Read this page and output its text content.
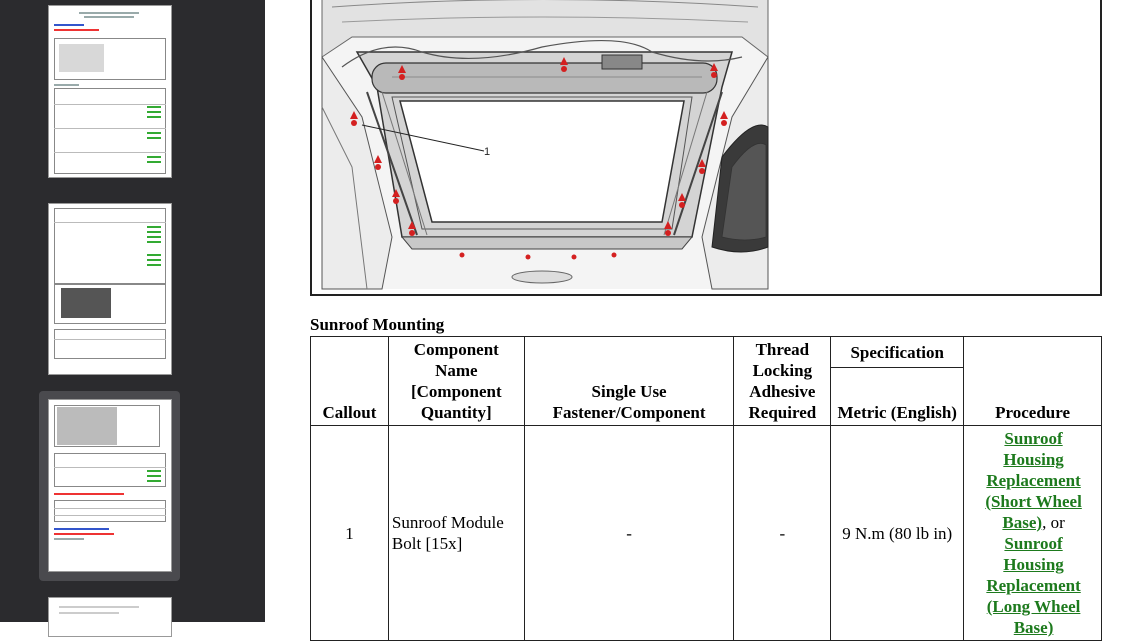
1
Sunroof Mounting
Callout	Component Name [Component Quantity]	Single Use Fastener/Component	Thread Locking Adhesive Required	Specification	Procedure
				Metric (English)	
1	Sunroof Module Bolt [15x]	-	-	9 N.m (80 lb in)	Sunroof Housing Replacement (Short Wheel Base), or Sunroof Housing Replacement (Long Wheel Base)
